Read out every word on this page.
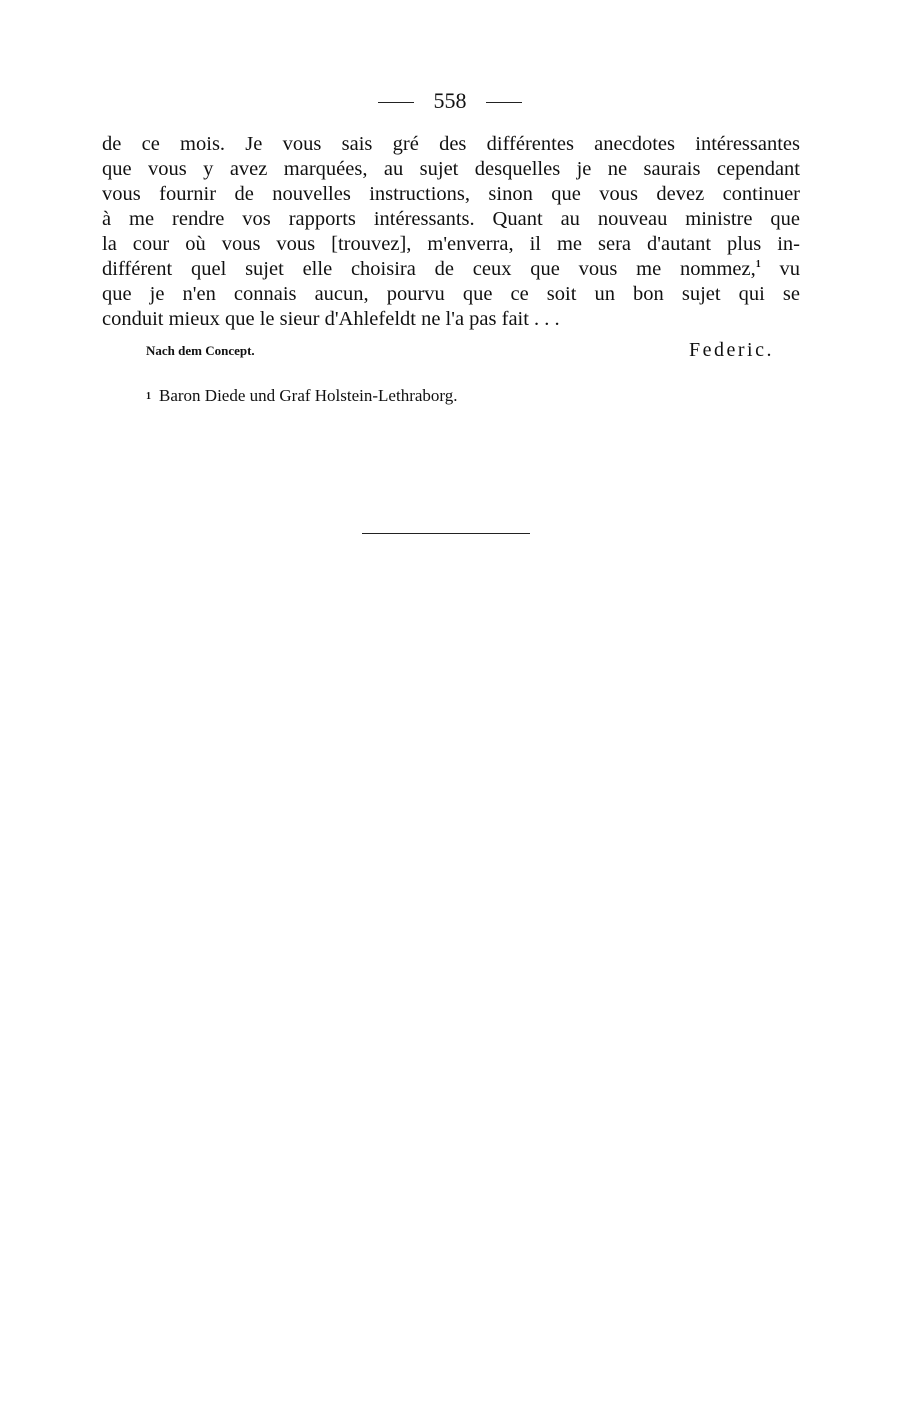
558

de ce mois. Je vous sais gré des différentes anecdotes intéressantes
que vous y avez marquées, au sujet desquelles je ne saurais cependant
vous fournir de nouvelles instructions, sinon que vous devez continuer
à me rendre vos rapports intéressants. Quant au nouveau ministre que
la cour où vous vous [trouvez], m'enverra, il me sera d'autant plus in-
différent quel sujet elle choisira de ceux que vous me nommez,$^1$ vu
que je n'en connais aucun, pourvu que ce soit un bon sujet qui se
conduit mieux que le sieur d'Ahlefeldt ne l'a pas fait . . .

Nach dem Concept.	Federic.
1 Baron Diede und Graf Holstein-Lethraborg.
